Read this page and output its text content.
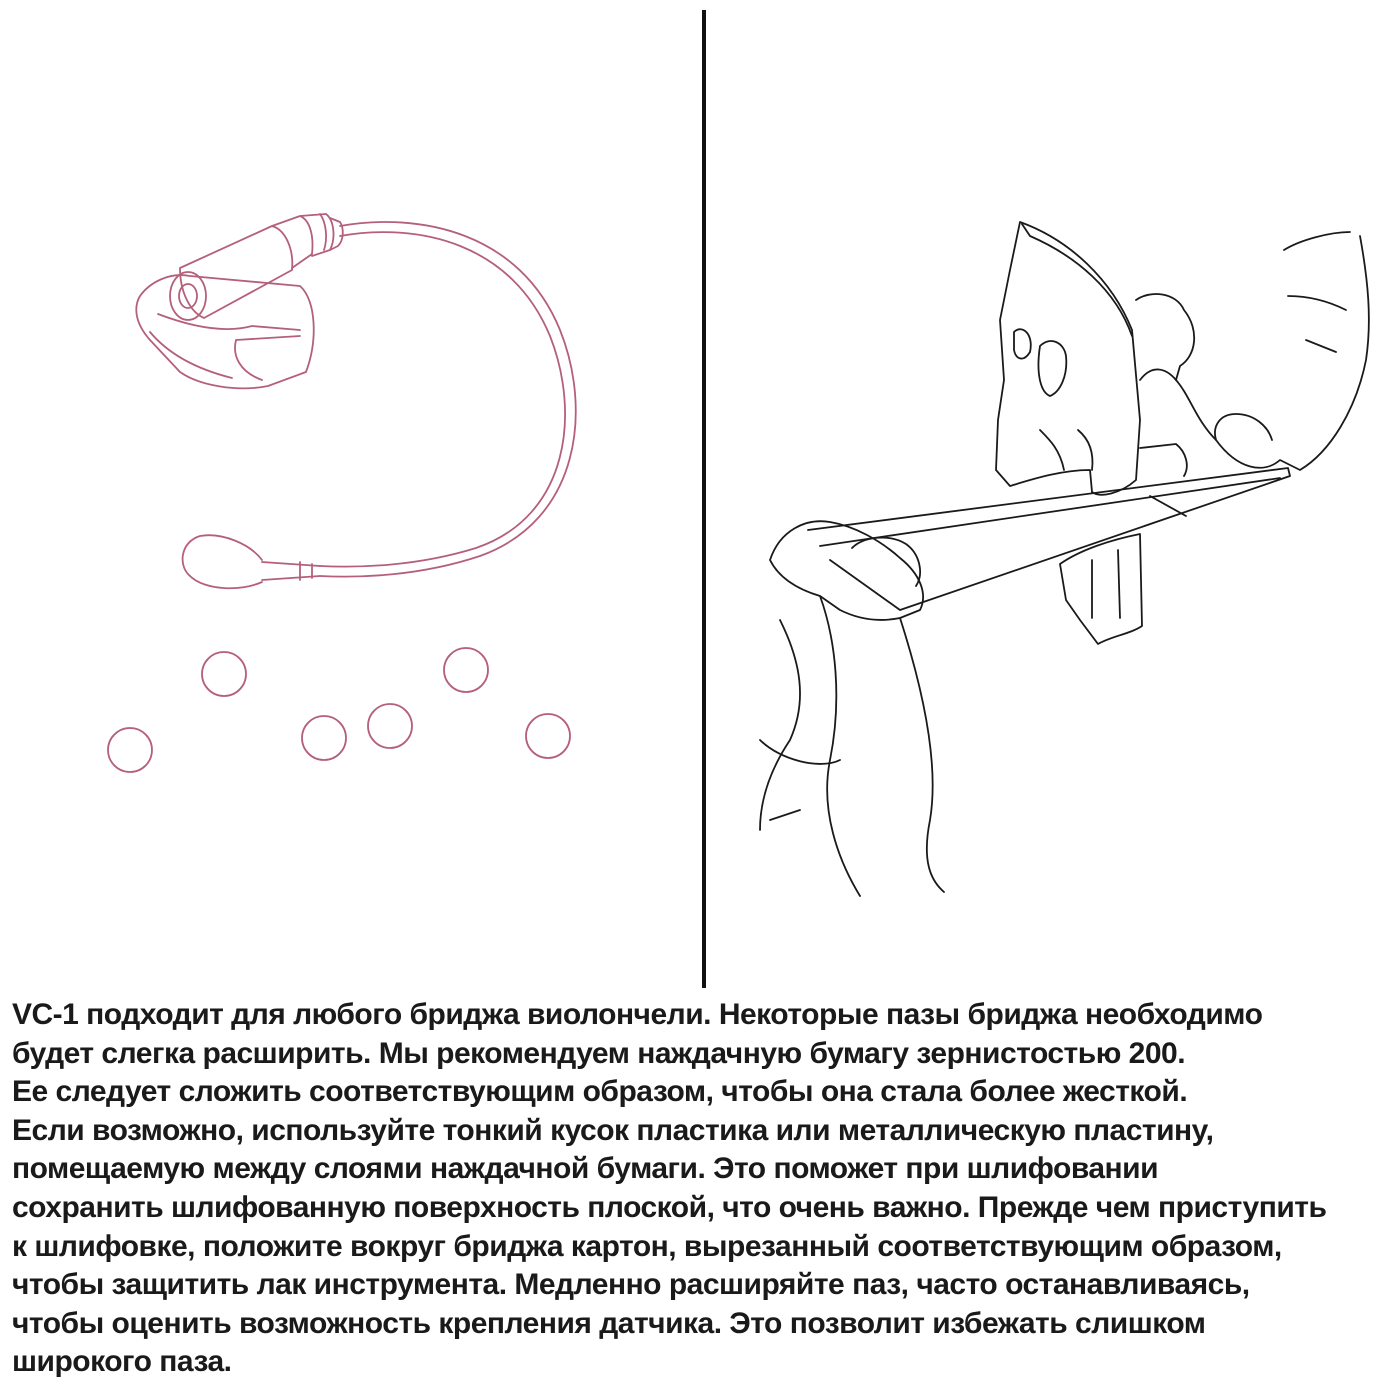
VC-1 подходит для любого бриджа виолончели. Некоторые пазы бриджа необходимо
будет слегка расширить. Мы рекомендуем наждачную бумагу зернистостью 200.
Ее следует сложить соответствующим образом, чтобы она стала более жесткой.
Если возможно, используйте тонкий кусок пластика или металлическую пластину,
помещаемую между слоями наждачной бумаги. Это поможет при шлифовании
сохранить шлифованную поверхность плоской, что очень важно. Прежде чем приступить
к шлифовке, положите вокруг бриджа картон, вырезанный соответствующим образом,
чтобы защитить лак инструмента. Медленно расширяйте паз, часто останавливаясь,
чтобы оценить возможность крепления датчика. Это позволит избежать слишком
широкого паза.
